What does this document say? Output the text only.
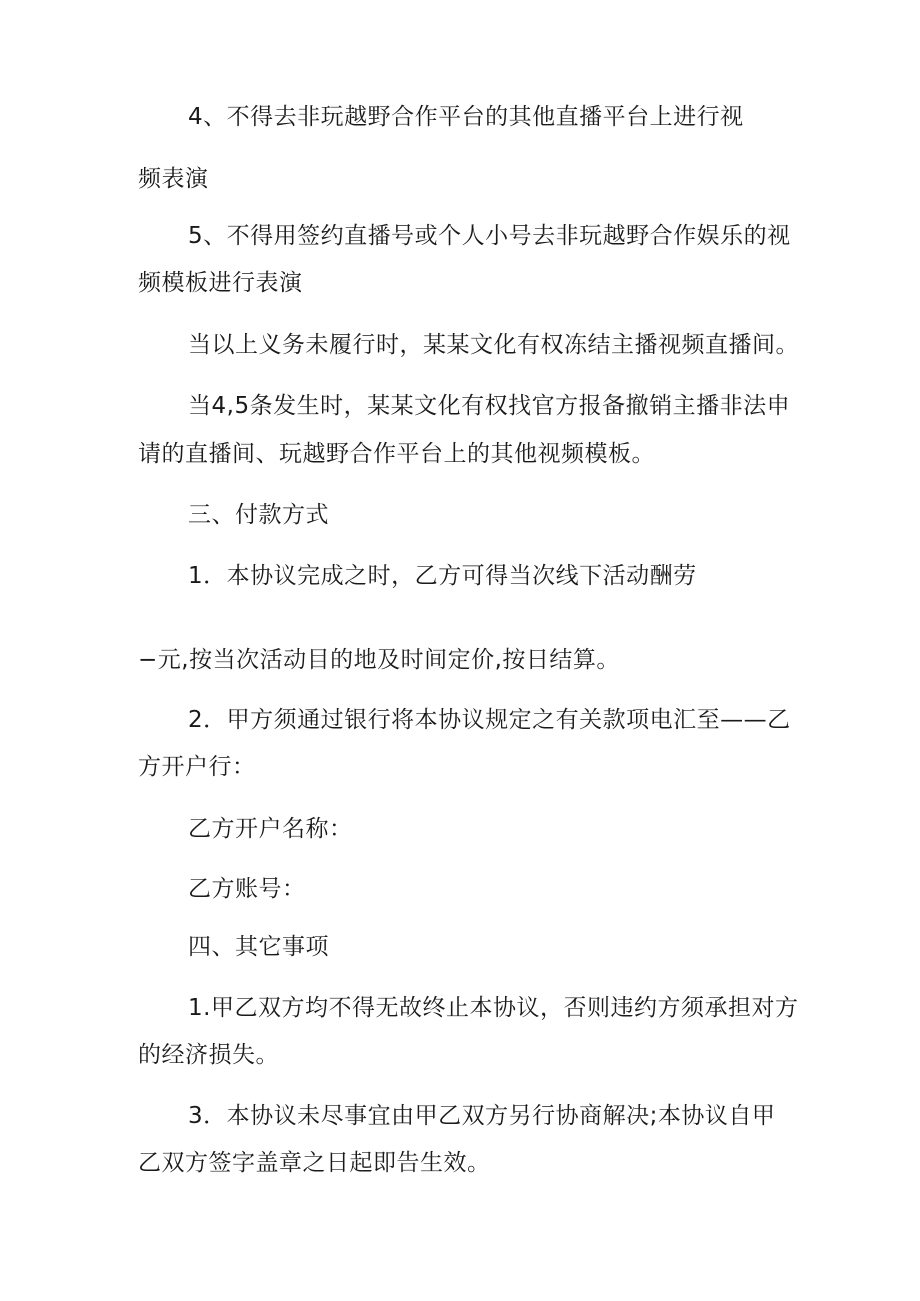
4、不得去非玩越野合作平台的其他直播平台上进行视
频表演
5、不得用签约直播号或个人小号去非玩越野合作娱乐的视
频模板进行表演
当以上义务未履行时，某某文化有权冻结主播视频直播间。
当4,5条发生时，某某文化有权找官方报备撤销主播非法申
请的直播间、玩越野合作平台上的其他视频模板。
三、付款方式
1．本协议完成之时，乙方可得当次线下活动酬劳
−元,按当次活动目的地及时间定价,按日结算。
2．甲方须通过银行将本协议规定之有关款项电汇至——乙
方开户行：
乙方开户名称：
乙方账号：
四、其它事项
1.甲乙双方均不得无故终止本协议，否则违约方须承担对方
的经济损失。
3．本协议未尽事宜由甲乙双方另行协商解决;本协议自甲
乙双方签字盖章之日起即告生效。
